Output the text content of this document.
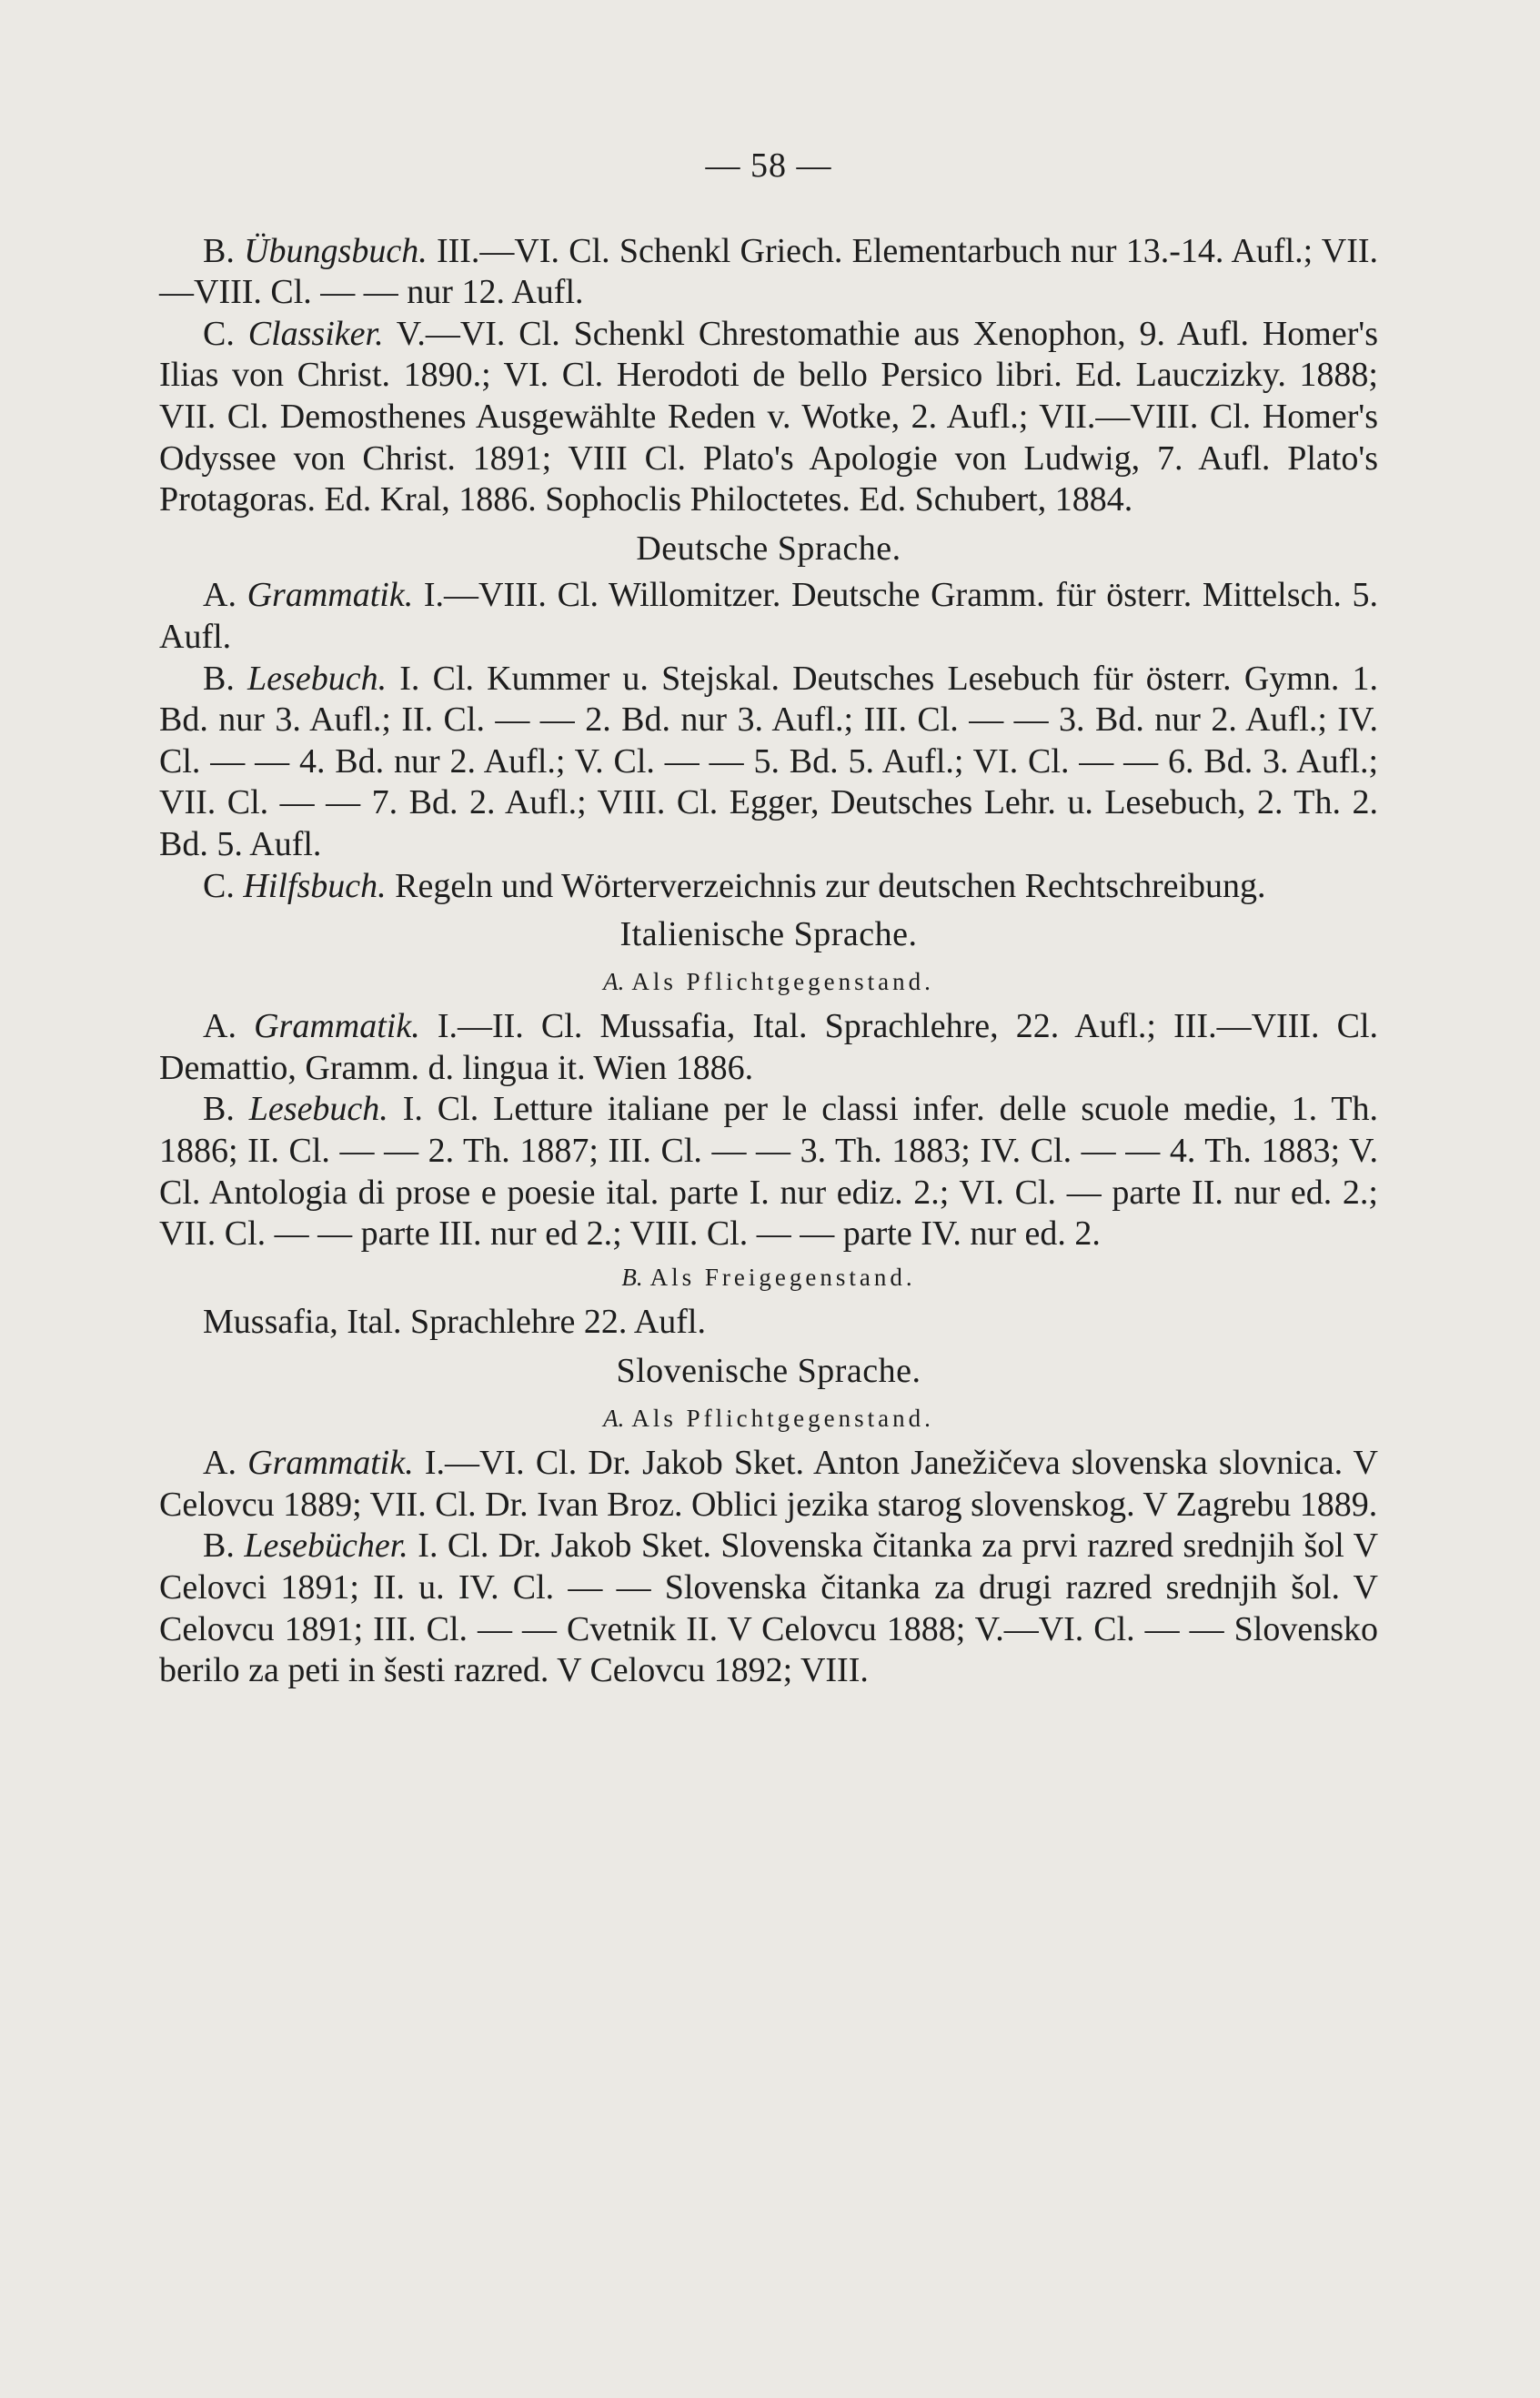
— 58 —

B. Übungsbuch. III.—VI. Cl. Schenkl Griech. Elementarbuch nur 13.-14. Aufl.; VII.—VIII. Cl. — — nur 12. Aufl.

C. Classiker. V.—VI. Cl. Schenkl Chrestomathie aus Xenophon, 9. Aufl. Homer's Ilias von Christ. 1890.; VI. Cl. Herodoti de bello Persico libri. Ed. Lauczizky. 1888; VII. Cl. Demosthenes Ausgewählte Reden v. Wotke, 2. Aufl.; VII.—VIII. Cl. Homer's Odyssee von Christ. 1891; VIII Cl. Plato's Apologie von Ludwig, 7. Aufl. Plato's Protagoras. Ed. Kral, 1886. Sophoclis Philoctetes. Ed. Schubert, 1884.

Deutsche Sprache.

A. Grammatik. I.—VIII. Cl. Willomitzer. Deutsche Gramm. für österr. Mittelsch. 5. Aufl.

B. Lesebuch. I. Cl. Kummer u. Stejskal. Deutsches Lesebuch für österr. Gymn. 1. Bd. nur 3. Aufl.; II. Cl. — — 2. Bd. nur 3. Aufl.; III. Cl. — — 3. Bd. nur 2. Aufl.; IV. Cl. — — 4. Bd. nur 2. Aufl.; V. Cl. — — 5. Bd. 5. Aufl.; VI. Cl. — — 6. Bd. 3. Aufl.; VII. Cl. — — 7. Bd. 2. Aufl.; VIII. Cl. Egger, Deutsches Lehr. u. Lesebuch, 2. Th. 2. Bd. 5. Aufl.

C. Hilfsbuch. Regeln und Wörterverzeichnis zur deutschen Rechtschreibung.

Italienische Sprache.
A. Als Pflichtgegenstand.

A. Grammatik. I.—II. Cl. Mussafia, Ital. Sprachlehre, 22. Aufl.; III.—VIII. Cl. Demattio, Gramm. d. lingua it. Wien 1886.

B. Lesebuch. I. Cl. Letture italiane per le classi infer. delle scuole medie, 1. Th. 1886; II. Cl. — — 2. Th. 1887; III. Cl. — — 3. Th. 1883; IV. Cl. — — 4. Th. 1883; V. Cl. Antologia di prose e poesie ital. parte I. nur ediz. 2.; VI. Cl. — parte II. nur ed. 2.; VII. Cl. — — parte III. nur ed 2.; VIII. Cl. — — parte IV. nur ed. 2.

B. Als Freigegenstand.

Mussafia, Ital. Sprachlehre 22. Aufl.

Slovenische Sprache.
A. Als Pflichtgegenstand.

A. Grammatik. I.—VI. Cl. Dr. Jakob Sket. Anton Janežičeva slovenska slovnica. V Celovcu 1889; VII. Cl. Dr. Ivan Broz. Oblici jezika starog slovenskog. V Zagrebu 1889.

B. Lesebücher. I. Cl. Dr. Jakob Sket. Slovenska čitanka za prvi razred srednjih šol V Celovci 1891; II. u. IV. Cl. — — Slovenska čitanka za drugi razred srednjih šol. V Celovcu 1891; III. Cl. — — Cvetnik II. V Celovcu 1888; V.—VI. Cl. — — Slovensko berilo za peti in šesti razred. V Celovcu 1892; VIII.
